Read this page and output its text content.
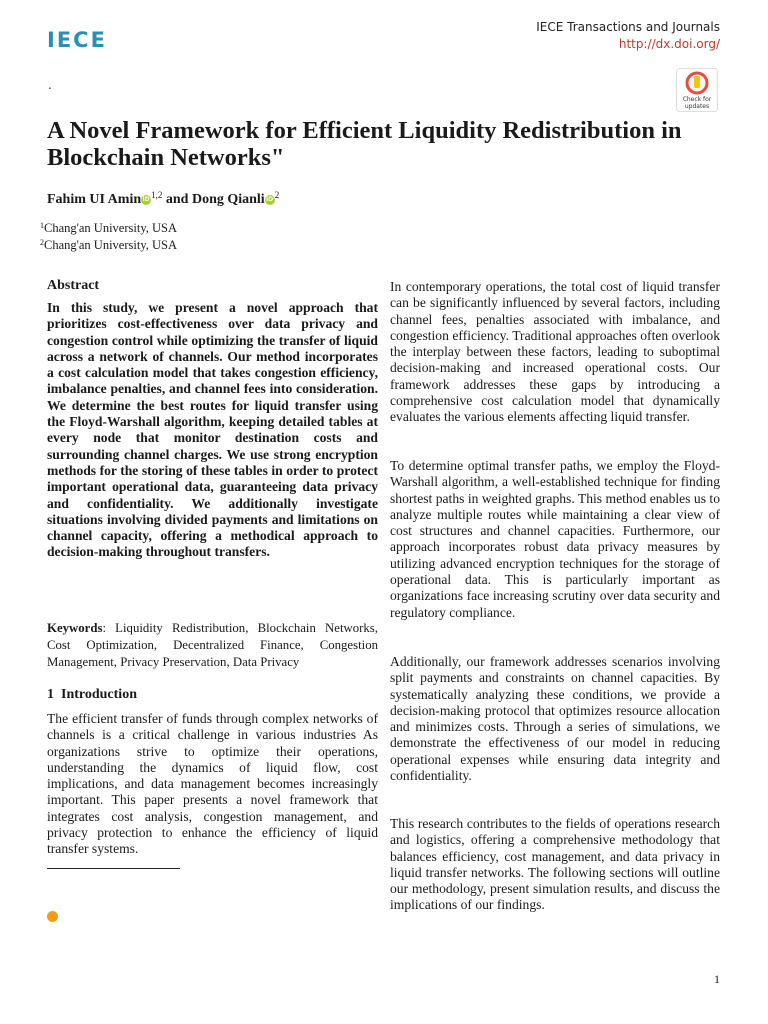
IECE
IECE Transactions and Journals
http://dx.doi.org/
.
Check for
updates
A Novel Framework for Efficient Liquidity Redistribution in Blockchain Networks"
Fahim UI AminiD$^{1,2}$ and Dong QianliiD$^2$
$^1$Chang'an University, USA
$^2$Chang'an University, USA
Abstract
In this study, we present a novel approach that prioritizes cost-effectiveness over data privacy and congestion control while optimizing the transfer of liquid across a network of channels. Our method incorporates a cost calculation model that takes congestion efficiency, imbalance penalties, and channel fees into consideration. We determine the best routes for liquid transfer using the Floyd-Warshall algorithm, keeping detailed tables at every node that monitor destination costs and surrounding channel charges. We use strong encryption methods for the storing of these tables in order to protect important operational data, guaranteeing data privacy and confidentiality. We additionally investigate situations involving divided payments and limitations on channel capacity, offering a methodical approach to decision-making throughout transfers.
Keywords: Liquidity Redistribution, Blockchain Networks, Cost Optimization, Decentralized Finance, Congestion Management, Privacy Preservation, Data Privacy
1 Introduction
The efficient transfer of funds through complex networks of channels is a critical challenge in various industries As organizations strive to optimize their operations, understanding the dynamics of liquid flow, cost implications, and data management becomes increasingly important. This paper presents a novel framework that integrates cost analysis, congestion management, and privacy protection to enhance the efficiency of liquid transfer systems.
In contemporary operations, the total cost of liquid transfer can be significantly influenced by several factors, including channel fees, penalties associated with imbalance, and congestion efficiency. Traditional approaches often overlook the interplay between these factors, leading to suboptimal decision-making and increased operational costs. Our framework addresses these gaps by introducing a comprehensive cost calculation model that dynamically evaluates the various elements affecting liquid transfer.
To determine optimal transfer paths, we employ the Floyd-Warshall algorithm, a well-established technique for finding shortest paths in weighted graphs. This method enables us to analyze multiple routes while maintaining a clear view of cost structures and channel capacities. Furthermore, our approach incorporates robust data privacy measures by utilizing advanced encryption techniques for the storage of operational data. This is particularly important as organizations face increasing scrutiny over data security and regulatory compliance.
Additionally, our framework addresses scenarios involving split payments and constraints on channel capacities. By systematically analyzing these conditions, we provide a decision-making protocol that optimizes resource allocation and minimizes costs. Through a series of simulations, we demonstrate the effectiveness of our model in reducing operational expenses while ensuring data integrity and confidentiality.
This research contributes to the fields of operations research and logistics, offering a comprehensive methodology that balances efficiency, cost management, and data privacy in liquid transfer networks. The following sections will outline our methodology, present simulation results, and discuss the implications of our findings.
1
